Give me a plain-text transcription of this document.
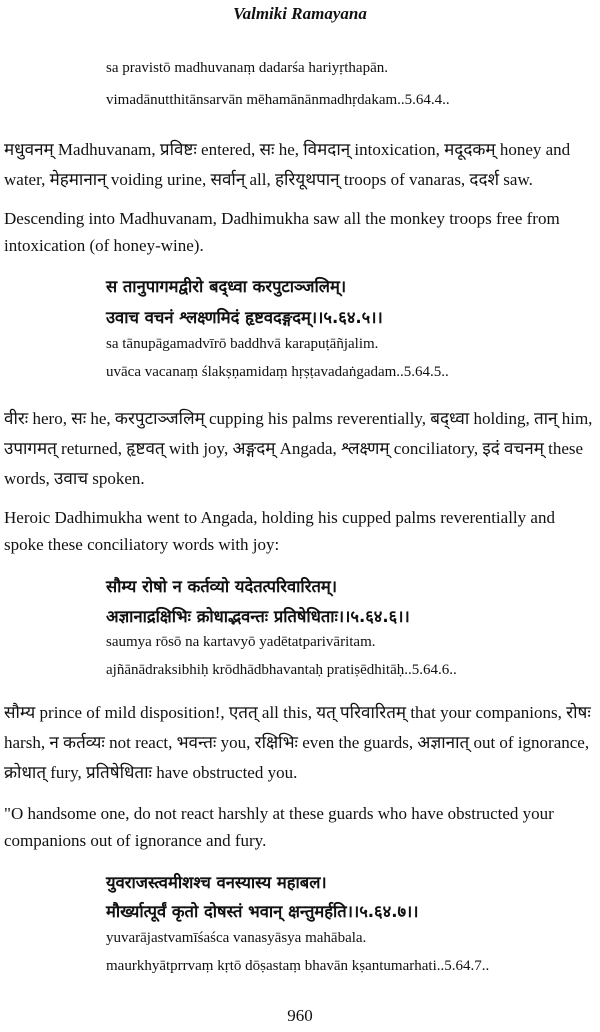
Valmiki Ramayana
sa pravistō madhuvanaṃ dadarśa hariyṛthapān.
vimadānutthitānsarvān mēhamānānmadhṛdakam..5.64.4..
मधुवनम् Madhuvanam, प्रविष्टः entered, सः he, विमदान् intoxication, मदूदकम् honey and water, मेहमानान् voiding urine, सर्वान् all, हरियूथपान् troops of vanaras, ददर्श saw.
Descending into Madhuvanam, Dadhimukha saw all the monkey troops free from intoxication (of honey-wine).
स तानुपागमद्वीरो बद्ध्वा करपुटाञ्जलिम्।
उवाच वचनं श्लक्ष्णमिदं हृष्टवदङ्गदम्।।५.६४.५।।
sa tānupāgamadvīrō baddhvā karapuṭāñjalim.
uvāca vacanaṃ ślakṣṇamidaṃ hṛṣṭavadaṅgadam..5.64.5..
वीरः hero, सः he, करपुटाञ्जलिम् cupping his palms reverentially, बद्ध्वा holding, तान् him, उपागमत् returned, हृष्टवत् with joy, अङ्गदम् Angada, श्लक्ष्णम् conciliatory, इदं वचनम् these words, उवाच spoken.
Heroic Dadhimukha went to Angada, holding his cupped palms reverentially and spoke these conciliatory words with joy:
सौम्य रोषो न कर्तव्यो यदेतत्परिवारितम्।
अज्ञानाद्रक्षिभिः क्रोधाद्भवन्तः प्रतिषेधिताः।।५.६४.६।।
saumya rōsō na kartavyō yadētatparivāritam.
ajñānādraksibhiḥ krōdhādbhavantaḥ pratiṣēdhitāḥ..5.64.6..
सौम्य prince of mild disposition!, एतत् all this, यत् परिवारितम् that your companions, रोषः harsh, न कर्तव्यः not react, भवन्तः you, रक्षिभिः even the guards, अज्ञानात् out of ignorance, क्रोधात् fury, प्रतिषेधिताः have obstructed you.
"O handsome one, do not react harshly at these guards who have obstructed your companions out of ignorance and fury.
युवराजस्त्वमीशश्च वनस्यास्य महाबल।
मौर्ख्यात्पूर्वं कृतो दोषस्तं भवान् क्षन्तुमर्हति।।५.६४.७।।
yuvarājastvamīśaśca vanasyāsya mahābala.
maurkhyātprrvaṃ kṛtō dōṣastaṃ bhavān kṣantumarhati..5.64.7..
960
